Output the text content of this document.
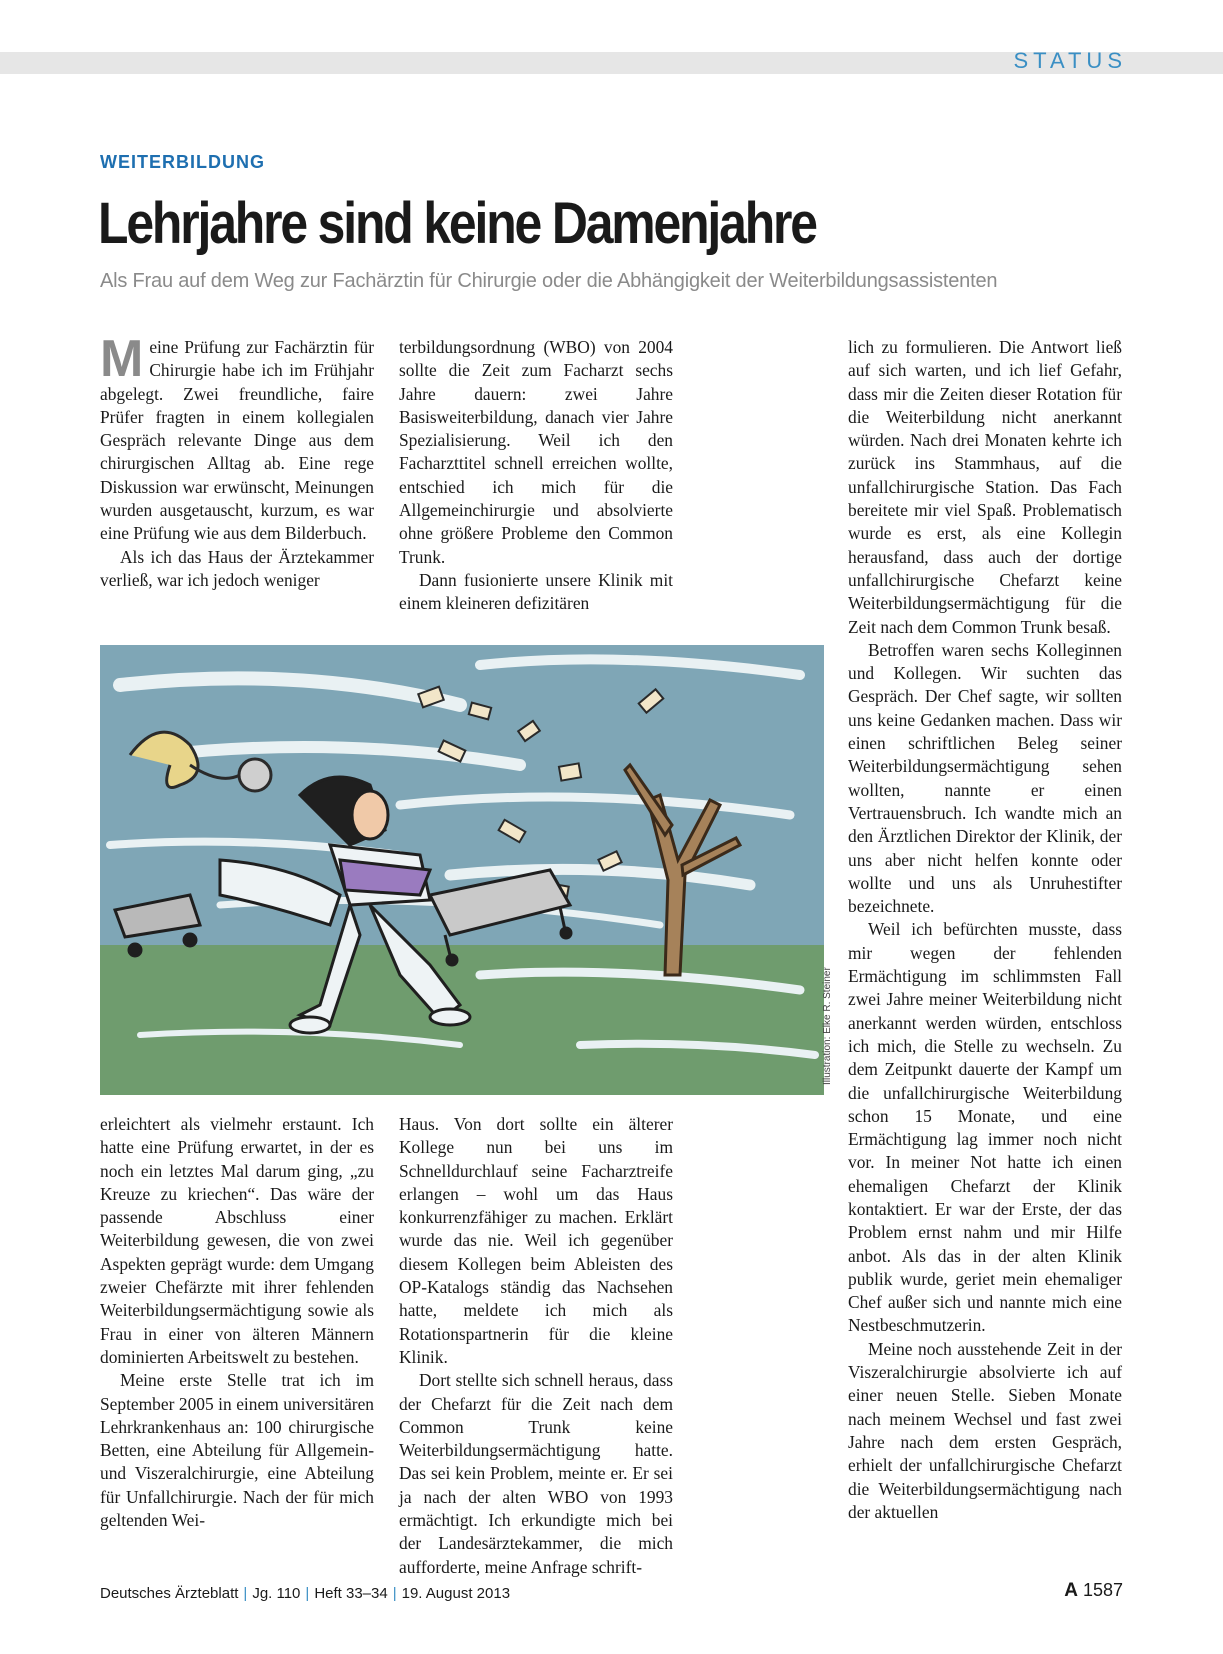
STATUS
WEITERBILDUNG
Lehrjahre sind keine Damenjahre
Als Frau auf dem Weg zur Fachärztin für Chirurgie oder die Abhängigkeit der Weiterbildungsassistenten

Meine Prüfung zur Fachärztin für Chirurgie habe ich im Frühjahr abgelegt. Zwei freundliche, faire Prüfer fragten in einem kollegialen Gespräch relevante Dinge aus dem chirurgischen Alltag ab. Eine rege Diskussion war erwünscht, Meinungen wurden ausgetauscht, kurzum, es war eine Prüfung wie aus dem Bilderbuch.

Als ich das Haus der Ärztekammer verließ, war ich jedoch weniger

terbildungsordnung (WBO) von 2004 sollte die Zeit zum Facharzt sechs Jahre dauern: zwei Jahre Basisweiterbildung, danach vier Jahre Spezialisierung. Weil ich den Facharzttitel schnell erreichen wollte, entschied ich mich für die Allgemeinchirurgie und absolvierte ohne größere Probleme den Common Trunk.

Dann fusionierte unsere Klinik mit einem kleineren defizitären

lich zu formulieren. Die Antwort ließ auf sich warten, und ich lief Gefahr, dass mir die Zeiten dieser Rotation für die Weiterbildung nicht anerkannt würden. Nach drei Monaten kehrte ich zurück ins Stammhaus, auf die unfallchirurgische Station. Das Fach bereitete mir viel Spaß. Problematisch wurde es erst, als eine Kollegin herausfand, dass auch der dortige unfallchirurgische Chefarzt keine Weiterbildungsermächtigung für die Zeit nach dem Common Trunk besaß.

Betroffen waren sechs Kolleginnen und Kollegen. Wir suchten das Gespräch. Der Chef sagte, wir sollten uns keine Gedanken machen. Dass wir einen schriftlichen Beleg seiner Weiterbildungsermächtigung sehen wollten, nannte er einen Vertrauensbruch. Ich wandte mich an den Ärztlichen Direktor der Klinik, der uns aber nicht helfen konnte oder wollte und uns als Unruhestifter bezeichnete.

Weil ich befürchten musste, dass mir wegen der fehlenden Ermächtigung im schlimmsten Fall zwei Jahre meiner Weiterbildung nicht anerkannt werden würden, entschloss ich mich, die Stelle zu wechseln. Zu dem Zeitpunkt dauerte der Kampf um die unfallchirurgische Weiterbildung schon 15 Monate, und eine Ermächtigung lag immer noch nicht vor. In meiner Not hatte ich einen ehemaligen Chefarzt der Klinik kontaktiert. Er war der Erste, der das Problem ernst nahm und mir Hilfe anbot. Als das in der alten Klinik publik wurde, geriet mein ehemaliger Chef außer sich und nannte mich eine Nestbeschmutzerin.

Meine noch ausstehende Zeit in der Viszeralchirurgie absolvierte ich auf einer neuen Stelle. Sieben Monate nach meinem Wechsel und fast zwei Jahre nach dem ersten Gespräch, erhielt der unfallchirurgische Chefarzt die Weiterbildungsermächtigung nach der aktuellen

Illustration: Elke R. Steiner

erleichtert als vielmehr erstaunt. Ich hatte eine Prüfung erwartet, in der es noch ein letztes Mal darum ging, „zu Kreuze zu kriechen“. Das wäre der passende Abschluss einer Weiterbildung gewesen, die von zwei Aspekten geprägt wurde: dem Umgang zweier Chefärzte mit ihrer fehlenden Weiterbildungsermächtigung sowie als Frau in einer von älteren Männern dominierten Arbeitswelt zu bestehen.

Meine erste Stelle trat ich im September 2005 in einem universitären Lehrkrankenhaus an: 100 chirurgische Betten, eine Abteilung für Allgemein- und Viszeralchirurgie, eine Abteilung für Unfallchirurgie. Nach der für mich geltenden Wei-

Haus. Von dort sollte ein älterer Kollege nun bei uns im Schnelldurchlauf seine Facharztreife erlangen – wohl um das Haus konkurrenzfähiger zu machen. Erklärt wurde das nie. Weil ich gegenüber diesem Kollegen beim Ableisten des OP-Katalogs ständig das Nachsehen hatte, meldete ich mich als Rotationspartnerin für die kleine Klinik.

Dort stellte sich schnell heraus, dass der Chefarzt für die Zeit nach dem Common Trunk keine Weiterbildungsermächtigung hatte. Das sei kein Problem, meinte er. Er sei ja nach der alten WBO von 1993 ermächtigt. Ich erkundigte mich bei der Landesärztekammer, die mich aufforderte, meine Anfrage schrift-

Deutsches Ärzteblatt | Jg. 110 | Heft 33–34 | 19. August 2013	A 1587
